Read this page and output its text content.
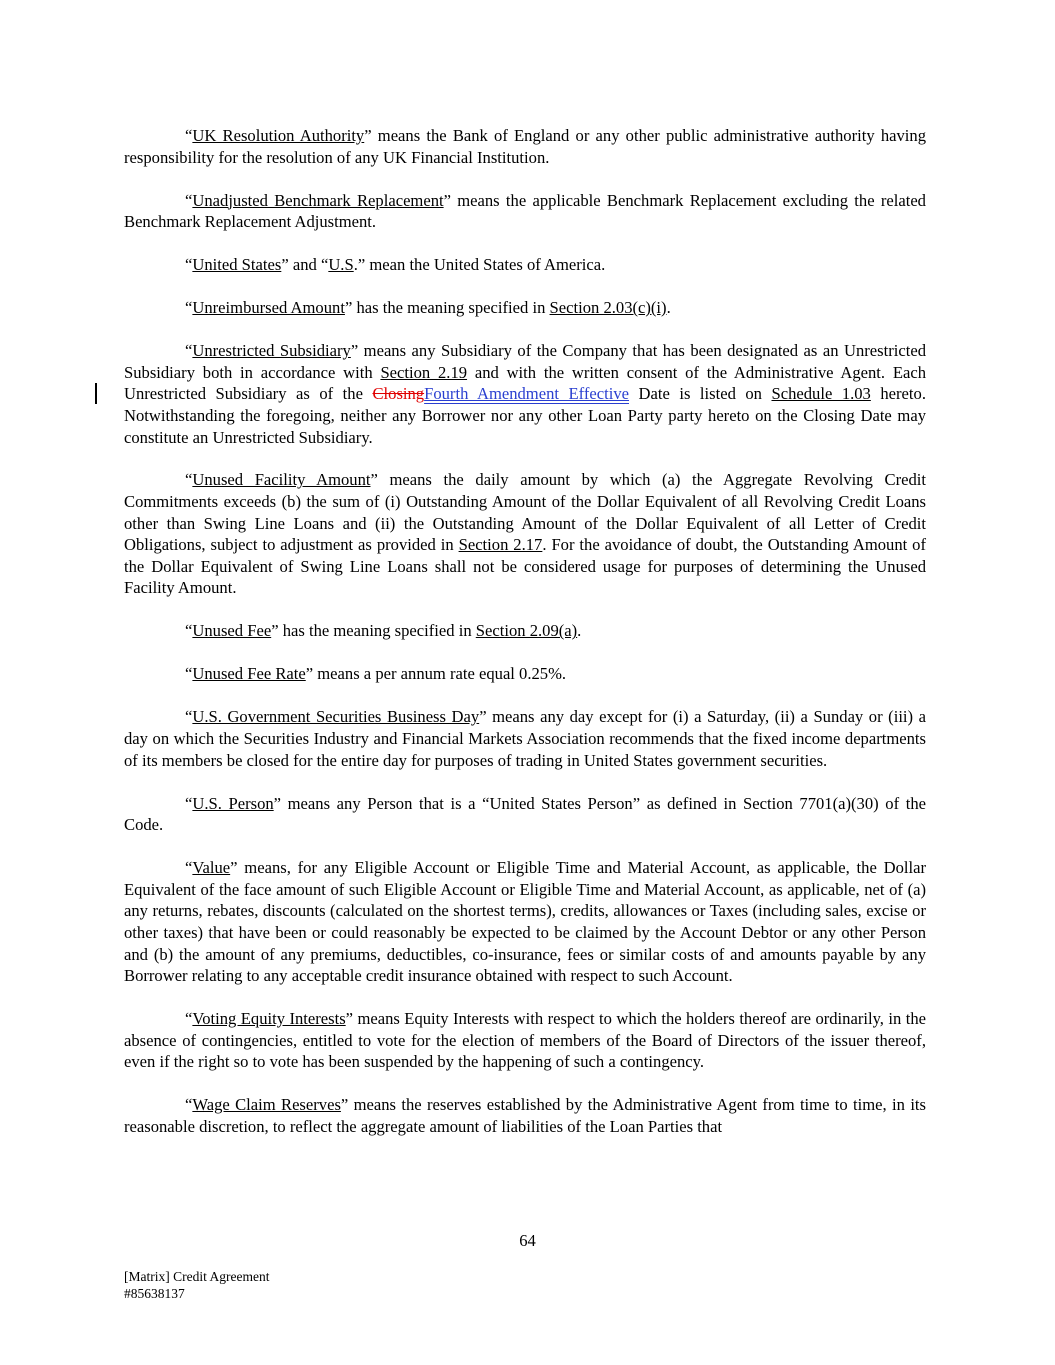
“UK Resolution Authority” means the Bank of England or any other public administrative authority having responsibility for the resolution of any UK Financial Institution.

“Unadjusted Benchmark Replacement” means the applicable Benchmark Replacement excluding the related Benchmark Replacement Adjustment.

“United States” and “U.S.” mean the United States of America.

“Unreimbursed Amount” has the meaning specified in Section 2.03(c)(i).

“Unrestricted Subsidiary” means any Subsidiary of the Company that has been designated as an Unrestricted Subsidiary both in accordance with Section 2.19 and with the written consent of the Administrative Agent. Each Unrestricted Subsidiary as of the ClosingFourth Amendment Effective Date is listed on Schedule 1.03 hereto. Notwithstanding the foregoing, neither any Borrower nor any other Loan Party party hereto on the Closing Date may constitute an Unrestricted Subsidiary.

“Unused Facility Amount” means the daily amount by which (a) the Aggregate Revolving Credit Commitments exceeds (b) the sum of (i) Outstanding Amount of the Dollar Equivalent of all Revolving Credit Loans other than Swing Line Loans and (ii) the Outstanding Amount of the Dollar Equivalent of all Letter of Credit Obligations, subject to adjustment as provided in Section 2.17. For the avoidance of doubt, the Outstanding Amount of the Dollar Equivalent of Swing Line Loans shall not be considered usage for purposes of determining the Unused Facility Amount.

“Unused Fee” has the meaning specified in Section 2.09(a).

“Unused Fee Rate” means a per annum rate equal 0.25%.

“U.S. Government Securities Business Day” means any day except for (i) a Saturday, (ii) a Sunday or (iii) a day on which the Securities Industry and Financial Markets Association recommends that the fixed income departments of its members be closed for the entire day for purposes of trading in United States government securities.

“U.S. Person” means any Person that is a “United States Person” as defined in Section 7701(a)(30) of the Code.

“Value” means, for any Eligible Account or Eligible Time and Material Account, as applicable, the Dollar Equivalent of the face amount of such Eligible Account or Eligible Time and Material Account, as applicable, net of (a) any returns, rebates, discounts (calculated on the shortest terms), credits, allowances or Taxes (including sales, excise or other taxes) that have been or could reasonably be expected to be claimed by the Account Debtor or any other Person and (b) the amount of any premiums, deductibles, co-insurance, fees or similar costs of and amounts payable by any Borrower relating to any acceptable credit insurance obtained with respect to such Account.

“Voting Equity Interests” means Equity Interests with respect to which the holders thereof are ordinarily, in the absence of contingencies, entitled to vote for the election of members of the Board of Directors of the issuer thereof, even if the right so to vote has been suspended by the happening of such a contingency.

“Wage Claim Reserves” means the reserves established by the Administrative Agent from time to time, in its reasonable discretion, to reflect the aggregate amount of liabilities of the Loan Parties that

64
[Matrix] Credit Agreement
#85638137
